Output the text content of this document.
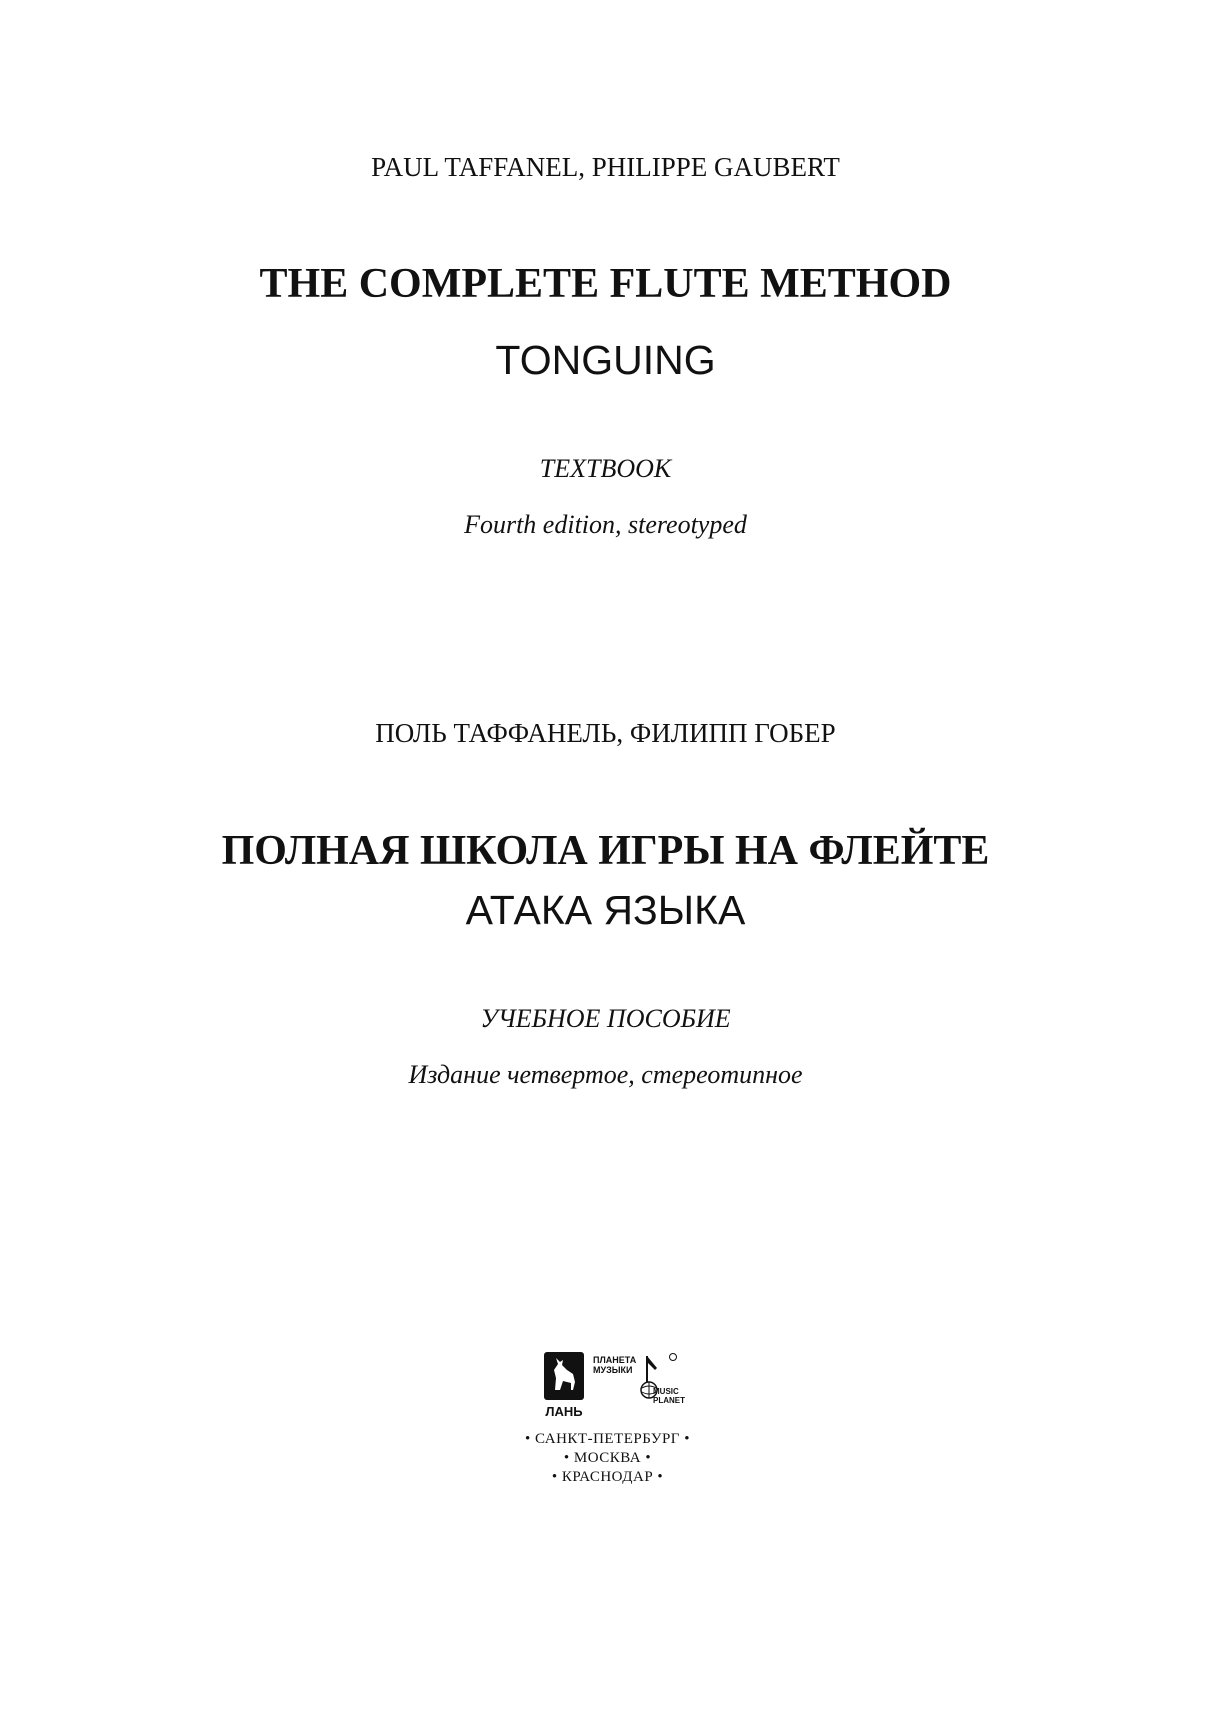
PAUL TAFFANEL, PHILIPPE GAUBERT
THE COMPLETE FLUTE METHOD
TONGUING
TEXTBOOK
Fourth edition, stereotyped
ПОЛЬ ТАФФАНЕЛЬ, ФИЛИПП ГОБЕР
ПОЛНАЯ ШКОЛА ИГРЫ НА ФЛЕЙТЕ
АТАКА ЯЗЫКА
УЧЕБНОЕ ПОСОБИЕ
Издание четвертое, стереотипное
ЛАНЬ
ПЛАНЕТА
МУЗЫКИ
MUSIC
PLANET
• САНКТ-ПЕТЕРБУРГ •
• МОСКВА •
• КРАСНОДАР •
